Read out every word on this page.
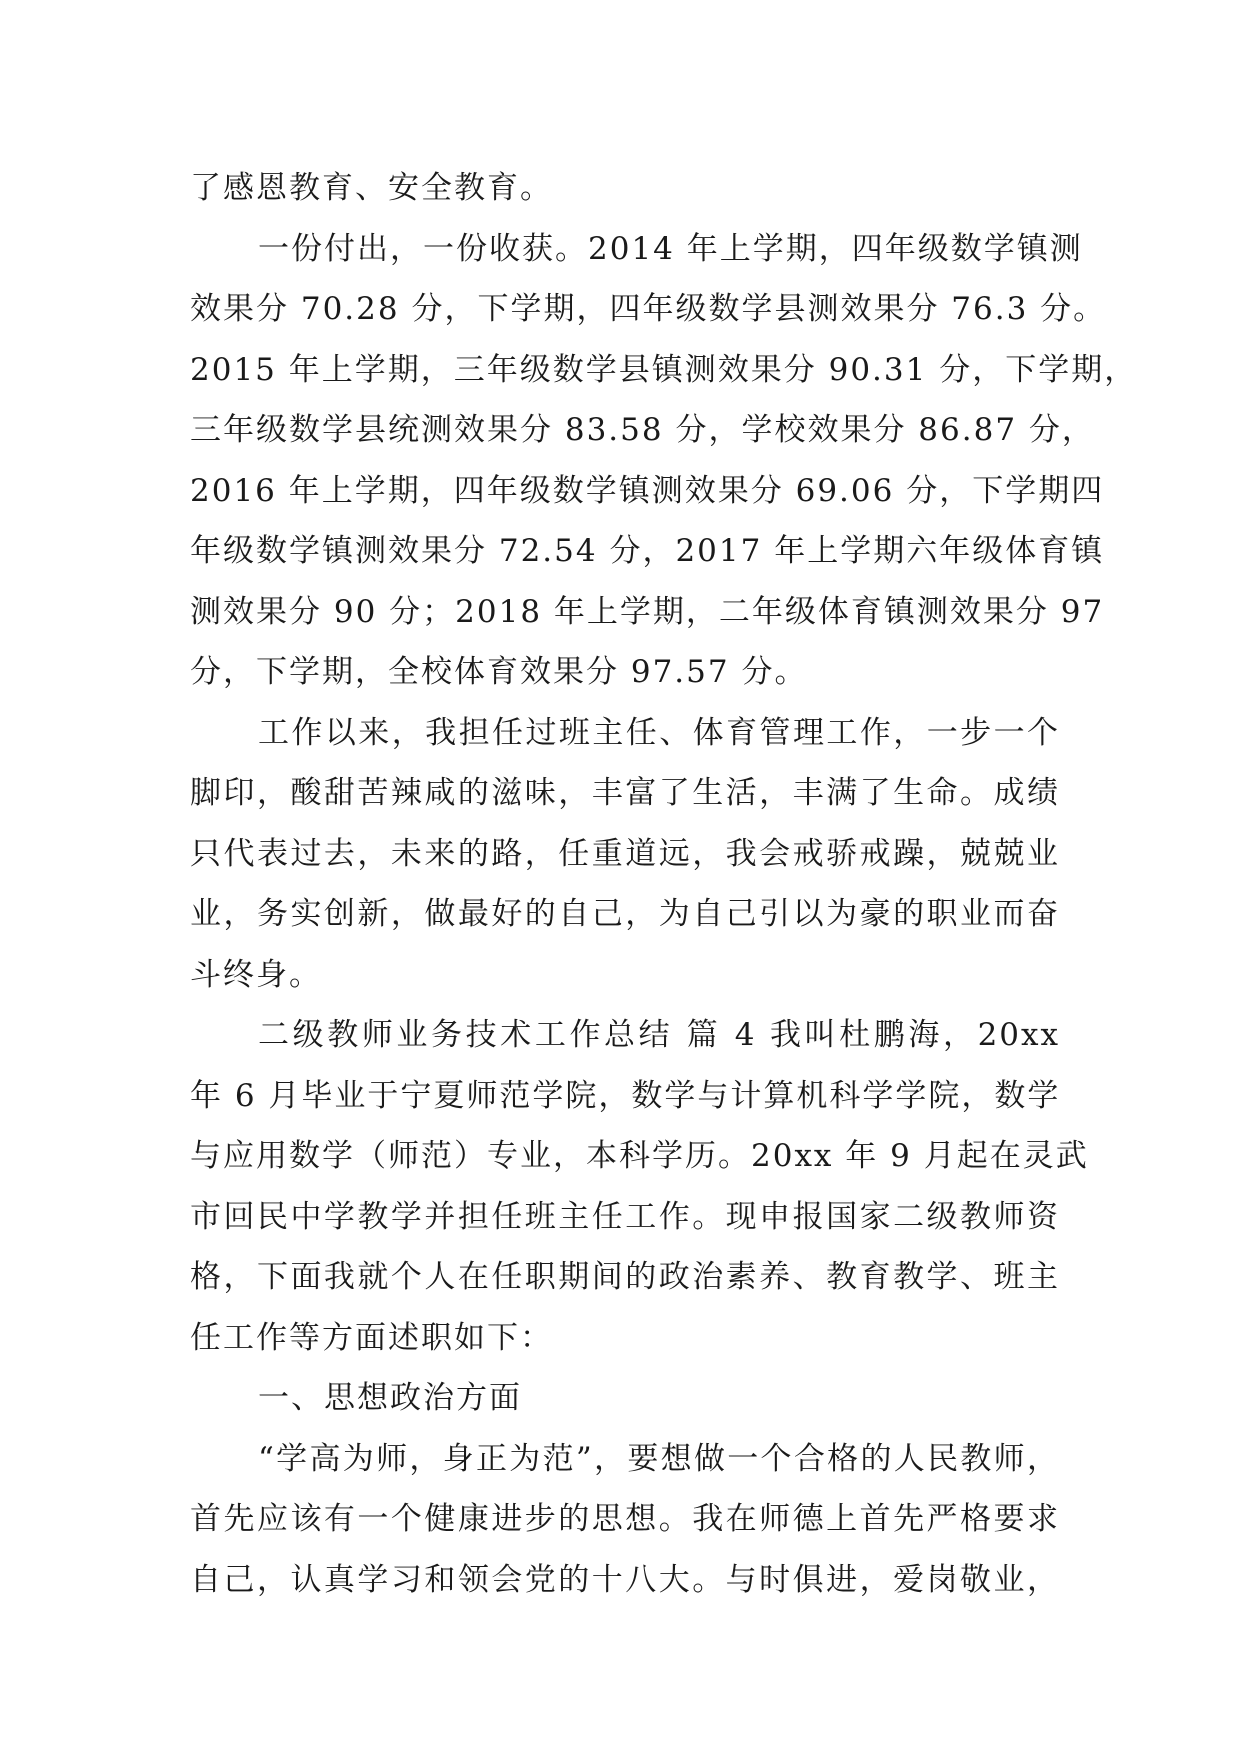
了感恩教育、安全教育。
一份付出，一份收获。2014 年上学期，四年级数学镇测
效果分 70.28 分，下学期，四年级数学县测效果分 76.3 分。
2015 年上学期，三年级数学县镇测效果分 90.31 分，下学期，
三年级数学县统测效果分 83.58 分，学校效果分 86.87 分，
2016 年上学期，四年级数学镇测效果分 69.06 分，下学期四
年级数学镇测效果分 72.54 分，2017 年上学期六年级体育镇
测效果分 90 分；2018 年上学期，二年级体育镇测效果分 97
分，下学期，全校体育效果分 97.57 分。
工作以来，我担任过班主任、体育管理工作，一步一个
脚印，酸甜苦辣咸的滋味，丰富了生活，丰满了生命。成绩
只代表过去，未来的路，任重道远，我会戒骄戒躁，兢兢业
业，务实创新，做最好的自己，为自己引以为豪的职业而奋
斗终身。
二级教师业务技术工作总结 篇 4 我叫杜鹏海，20xx
年 6 月毕业于宁夏师范学院，数学与计算机科学学院，数学
与应用数学（师范）专业，本科学历。20xx 年 9 月起在灵武
市回民中学教学并担任班主任工作。现申报国家二级教师资
格，下面我就个人在任职期间的政治素养、教育教学、班主
任工作等方面述职如下：
一、思想政治方面
“学高为师，身正为范”，要想做一个合格的人民教师，
首先应该有一个健康进步的思想。我在师德上首先严格要求
自己，认真学习和领会党的十八大。与时俱进，爱岗敬业，
